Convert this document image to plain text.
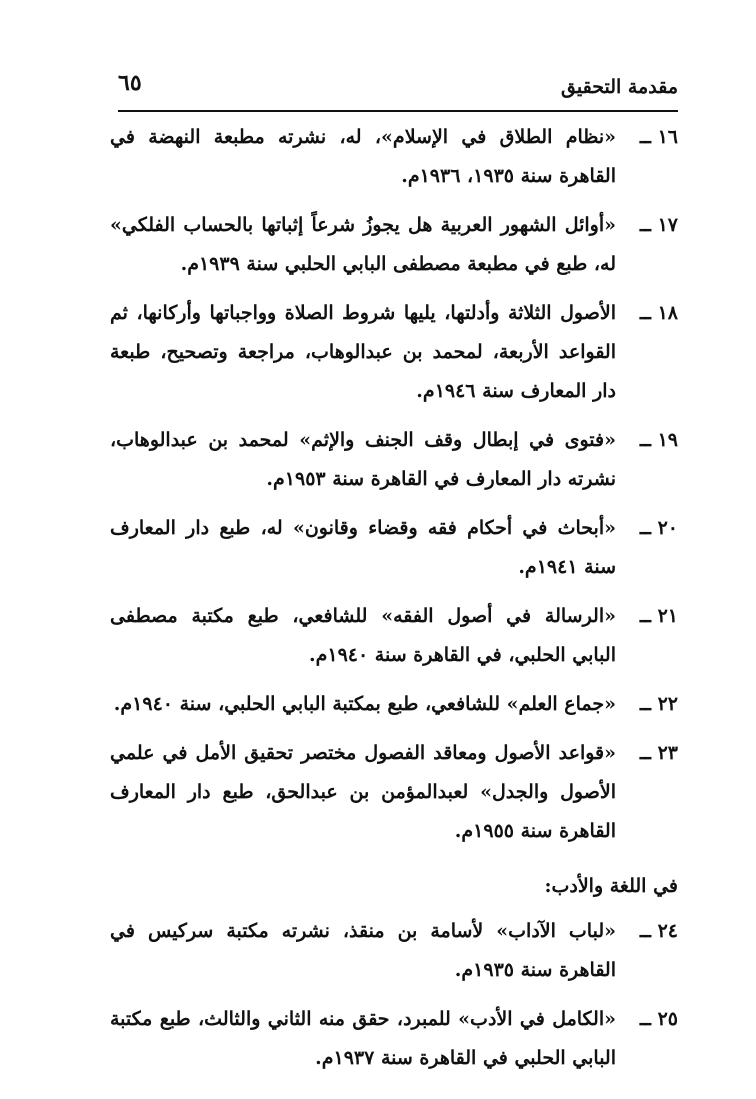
مقدمة التحقيق
٦٥
١٦ ــ
«نظام الطلاق في الإسلام»، له، نشرته مطبعة النهضة في القاهرة سنة ١٩٣٥، ١٩٣٦م.
١٧ ــ
«أوائل الشهور العربية هل يجوزُ شرعاً إثباتها بالحساب الفلكي» له، طبع في مطبعة مصطفى البابي الحلبي سنة ١٩٣٩م.
١٨ ــ
الأصول الثلاثة وأدلتها، يليها شروط الصلاة وواجباتها وأركانها، ثم القواعد الأربعة، لمحمد بن عبدالوهاب، مراجعة وتصحيح، طبعة دار المعارف سنة ١٩٤٦م.
١٩ ــ
«فتوى في إبطال وقف الجنف والإثم» لمحمد بن عبدالوهاب، نشرته دار المعارف في القاهرة سنة ١٩٥٣م.
٢٠ ــ
«أبحاث في أحكام فقه وقضاء وقانون» له، طبع دار المعارف سنة ١٩٤١م.
٢١ ــ
«الرسالة في أصول الفقه» للشافعي، طبع مكتبة مصطفى البابي الحلبي، في القاهرة سنة ١٩٤٠م.
٢٢ ــ
«جماع العلم» للشافعي، طبع بمكتبة البابي الحلبي، سنة ١٩٤٠م.
٢٣ ــ
«قواعد الأصول ومعاقد الفصول مختصر تحقيق الأمل في علمي الأصول والجدل» لعبدالمؤمن بن عبدالحق، طبع دار المعارف القاهرة سنة ١٩٥٥م.
في اللغة والأدب:
٢٤ ــ
«لباب الآداب» لأسامة بن منقذ، نشرته مكتبة سركيس في القاهرة سنة ١٩٣٥م.
٢٥ ــ
«الكامل في الأدب» للمبرد، حقق منه الثاني والثالث، طبع مكتبة البابي الحلبي في القاهرة سنة ١٩٣٧م.
